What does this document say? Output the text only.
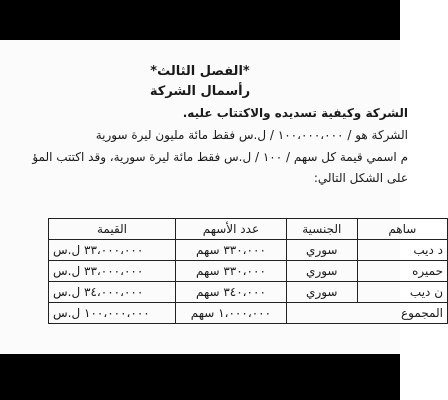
*الفصل الثالث*
رأسمال الشركة
الشركة وكيفية تسديده والاكتتاب عليه.
الشركة هو / ١٠٠،٠٠٠،٠٠٠ / ل.س فقط مائة مليون ليرة سورية
م اسمي قيمة كل سهم / ١٠٠ / ل.س فقط مائة ليرة سورية، وقد اكتتب المؤ
على الشكل التالي:
ساهم	الجنسية	عدد الأسهم	القيمة
د ديب	سوري	٣٣٠،٠٠٠ سهم	٣٣،٠٠٠،٠٠٠ ل.س
حميره	سوري	٣٣٠،٠٠٠ سهم	٣٣،٠٠٠،٠٠٠ ل.س
ن ديب	سوري	٣٤٠،٠٠٠ سهم	٣٤،٠٠٠،٠٠٠ ل.س
المجموع		١،٠٠٠،٠٠٠ سهم	١٠٠،٠٠٠،٠٠٠ ل.س
